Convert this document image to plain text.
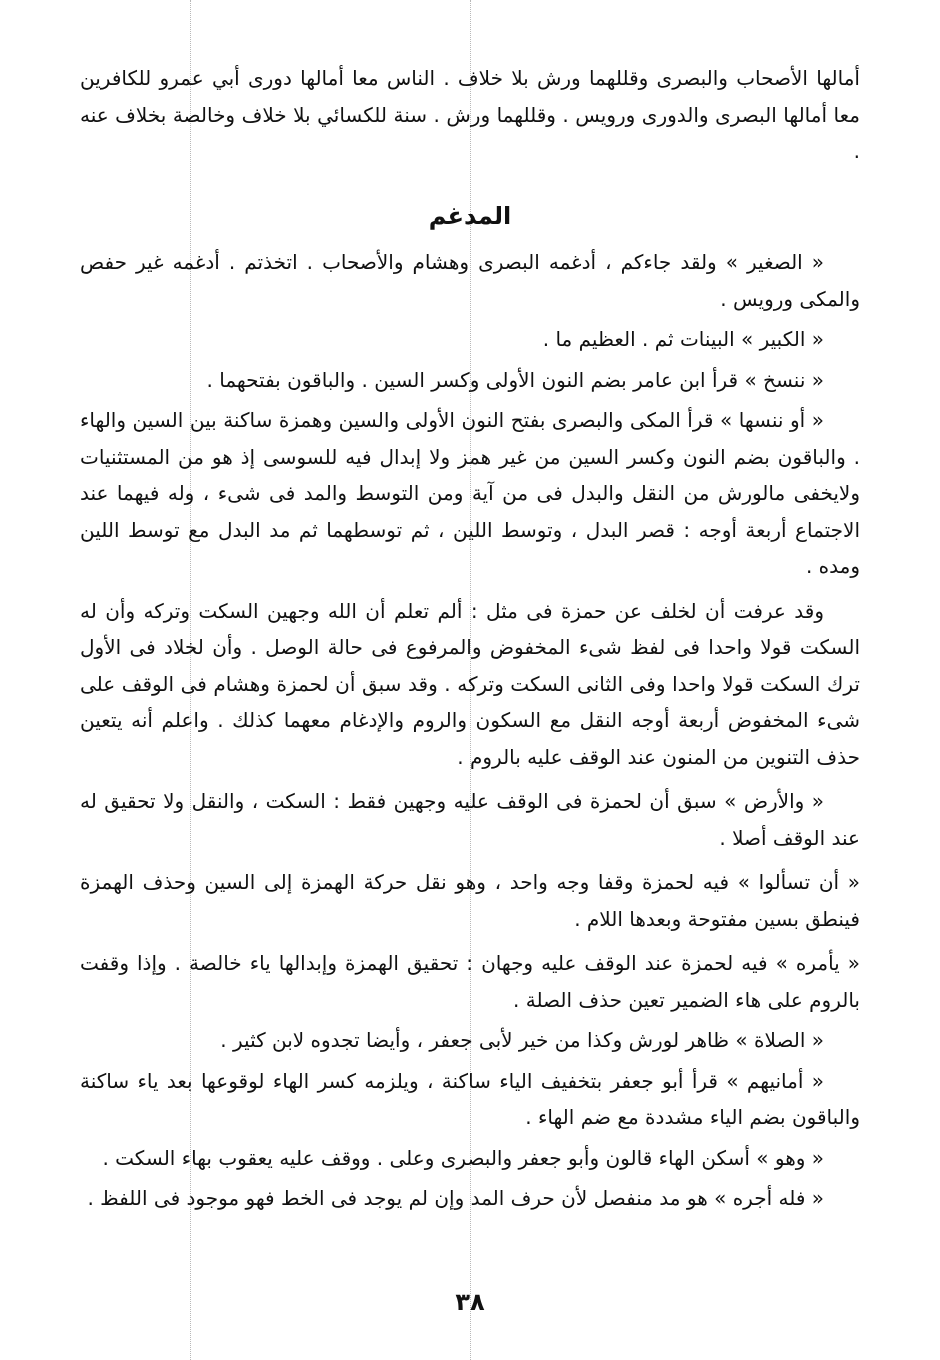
أمالها الأصحاب والبصرى وقللهما ورش بلا خلاف . الناس معا أمالها دورى أبي عمرو للكافرين معا أمالها البصرى والدورى ورويس . وقللهما ورش . سنة للكسائي بلا خلاف وخالصة بخلاف عنه .

المدغم

« الصغير » ولقد جاءكم ، أدغمه البصرى وهشام والأصحاب . اتخذتم . أدغمه غير حفص والمكى ورويس .

« الكبير » البينات ثم . العظيم ما .

« ننسخ » قرأ ابن عامر بضم النون الأولى وكسر السين . والباقون بفتحهما .

« أو ننسها » قرأ المكى والبصرى بفتح النون الأولى والسين وهمزة ساكنة بين السين والهاء . والباقون بضم النون وكسر السين من غير همز ولا إبدال فيه للسوسى إذ هو من المستثنيات ولايخفى مالورش من النقل والبدل فى من آية ومن التوسط والمد فى شىء ، وله فيهما عند الاجتماع أربعة أوجه : قصر البدل ، وتوسط اللين ، ثم توسطهما ثم مد البدل مع توسط اللين ومده .

وقد عرفت أن لخلف عن حمزة فى مثل : ألم تعلم أن الله وجهين السكت وتركه وأن له السكت قولا واحدا فى لفظ شىء المخفوض والمرفوع فى حالة الوصل . وأن لخلاد فى الأول ترك السكت قولا واحدا وفى الثانى السكت وتركه . وقد سبق أن لحمزة وهشام فى الوقف على شىء المخفوض أربعة أوجه النقل مع السكون والروم والإدغام معهما كذلك . واعلم أنه يتعين حذف التنوين من المنون عند الوقف عليه بالروم .

« والأرض » سبق أن لحمزة فى الوقف عليه وجهين فقط : السكت ، والنقل ولا تحقيق له عند الوقف أصلا .

« أن تسألوا » فيه لحمزة وقفا وجه واحد ، وهو نقل حركة الهمزة إلى السين وحذف الهمزة فينطق بسين مفتوحة وبعدها اللام .

« يأمره » فيه لحمزة عند الوقف عليه وجهان : تحقيق الهمزة وإبدالها ياء خالصة . وإذا وقفت بالروم على هاء الضمير تعين حذف الصلة .

« الصلاة » ظاهر لورش وكذا من خير لأبى جعفر ، وأيضا تجدوه لابن كثير .

« أمانيهم » قرأ أبو جعفر بتخفيف الياء ساكنة ، ويلزمه كسر الهاء لوقوعها بعد ياء ساكنة والباقون بضم الياء مشددة مع ضم الهاء .

« وهو » أسكن الهاء قالون وأبو جعفر والبصرى وعلى . ووقف عليه يعقوب بهاء السكت .

« فله أجره » هو مد منفصل لأن حرف المد وإن لم يوجد فى الخط فهو موجود فى اللفظ .

٣٨
